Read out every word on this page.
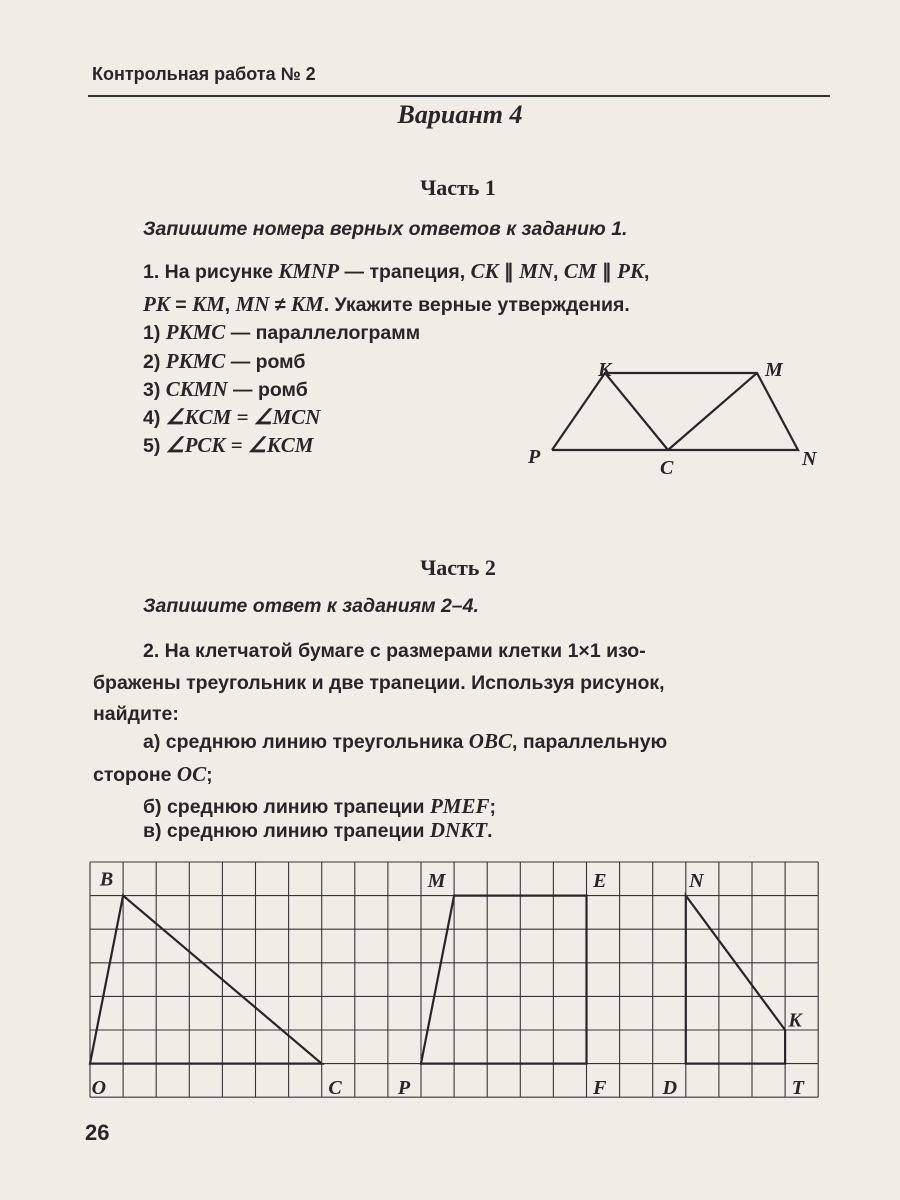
Контрольная работа № 2
Вариант 4
Часть 1
Запишите номера верных ответов к заданию 1.
1. На рисунке KMNP — трапеция, CK ∥ MN, CM ∥ PK,
PK = KM, MN ≠ KM. Укажите верные утверждения.
1) PKMC — параллелограмм
2) PKMC — ромб
3) CKMN — ромб
4) ∠KCM = ∠MCN
5) ∠PCK = ∠KCM
K	M
P	C	N
B
O	C
M
P
E
F
N
K
D	T
Часть 2
Запишите ответ к заданиям 2–4.
2. На клетчатой бумаге с размерами клетки 1×1 изо-
бражены треугольник и две трапеции. Используя рисунок,
найдите:
а) среднюю линию треугольника OBC, параллельную
стороне OC;
б) среднюю линию трапеции PMEF;
в) среднюю линию трапеции DNKT.
26
